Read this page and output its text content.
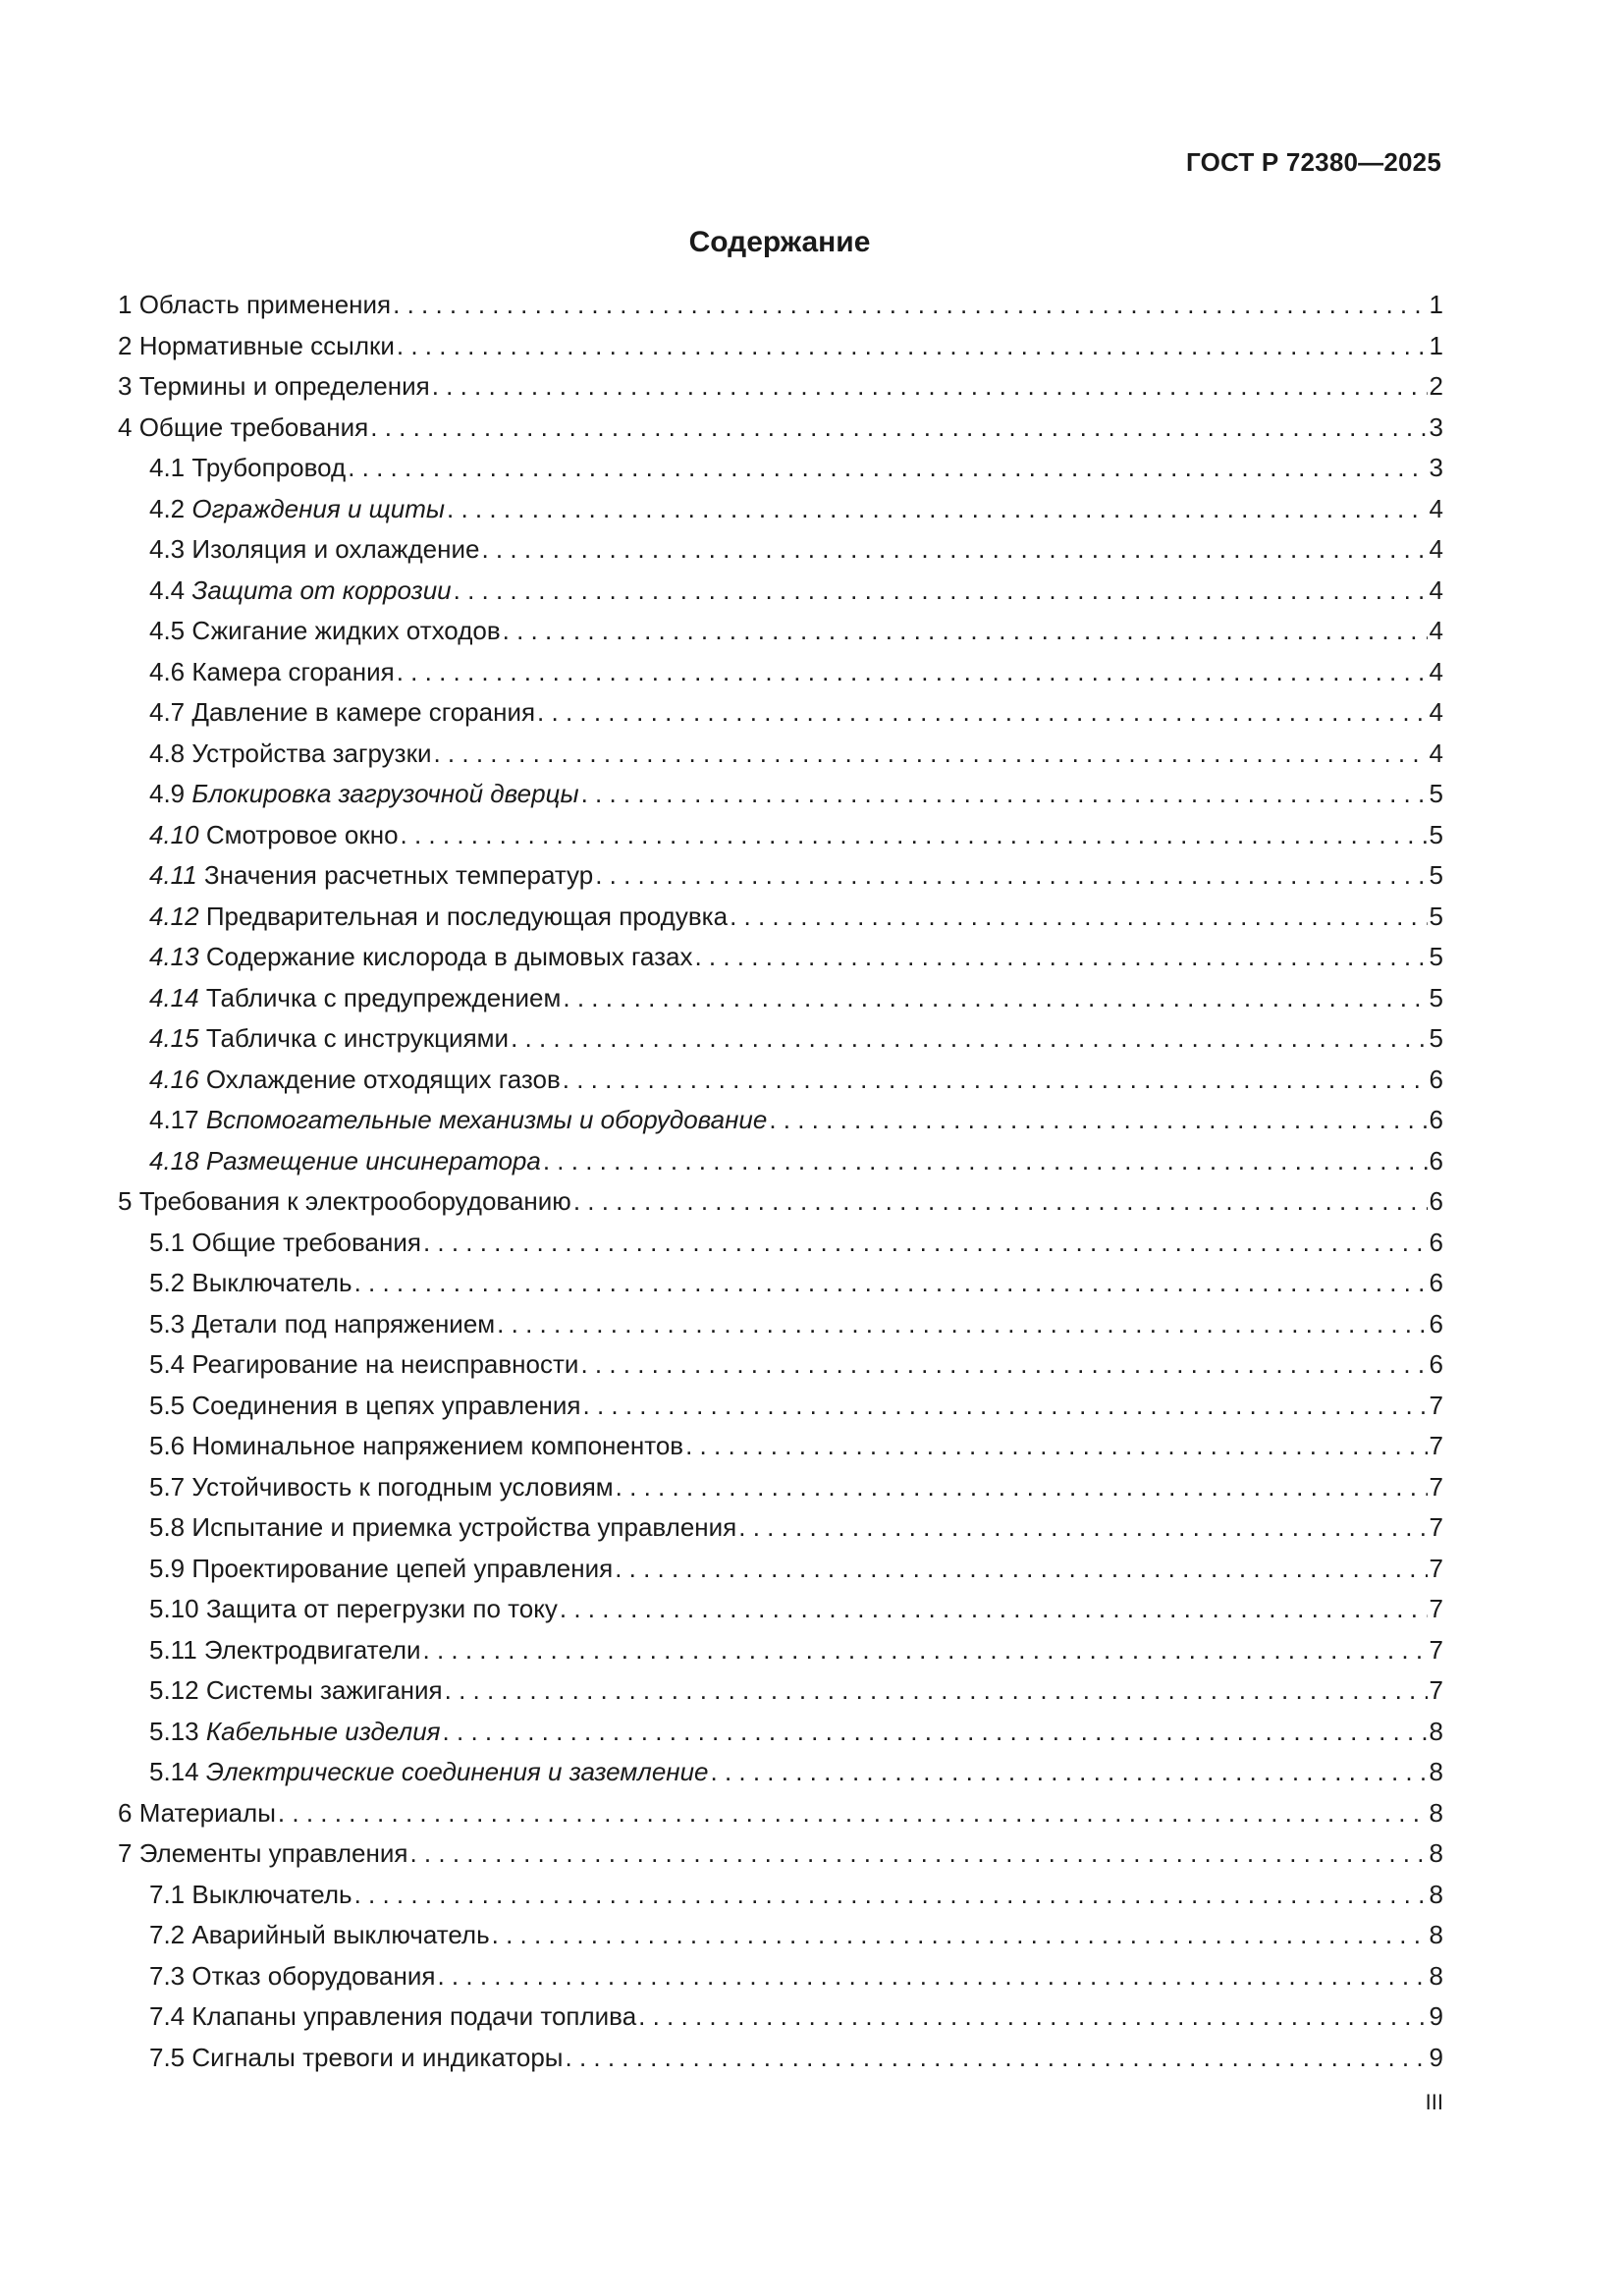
ГОСТ Р 72380—2025
Содержание
1 Область применения . . .	1
2 Нормативные ссылки . . .	1
3 Термины и определения . . .	2
4 Общие требования . . .	3
4.1 Трубопровод . . .	3
4.2 Ограждения и щиты . . .	4
4.3 Изоляция и охлаждение . . .	4
4.4 Защита от коррозии . . .	4
4.5 Сжигание жидких отходов . . .	4
4.6 Камера сгорания . . .	4
4.7 Давление в камере сгорания . . .	4
4.8 Устройства загрузки . . .	4
4.9 Блокировка загрузочной дверцы . . .	5
4.10 Смотровое окно . . .	5
4.11 Значения расчетных температур . . .	5
4.12 Предварительная и последующая продувка . . .	5
4.13 Содержание кислорода в дымовых газах . . .	5
4.14 Табличка с предупреждением . . .	5
4.15 Табличка с инструкциями . . .	5
4.16 Охлаждение отходящих газов . . .	6
4.17 Вспомогательные механизмы и оборудование . . .	6
4.18 Размещение инсинератора . . .	6
5 Требования к электрооборудованию . . .	6
5.1 Общие требования . . .	6
5.2 Выключатель . . .	6
5.3 Детали под напряжением . . .	6
5.4 Реагирование на неисправности . . .	6
5.5 Соединения в цепях управления . . .	7
5.6 Номинальное напряжением компонентов . . .	7
5.7 Устойчивость к погодным условиям . . .	7
5.8 Испытание и приемка устройства управления . . .	7
5.9 Проектирование цепей управления . . .	7
5.10 Защита от перегрузки по току . . .	7
5.11 Электродвигатели . . .	7
5.12 Системы зажигания . . .	7
5.13 Кабельные изделия . . .	8
5.14 Электрические соединения и заземление . . .	8
6 Материалы . . .	8
7 Элементы управления . . .	8
7.1 Выключатель . . .	8
7.2 Аварийный выключатель . . .	8
7.3 Отказ оборудования . . .	8
7.4 Клапаны управления подачи топлива . . .	9
7.5 Сигналы тревоги и индикаторы . . .	9
III
